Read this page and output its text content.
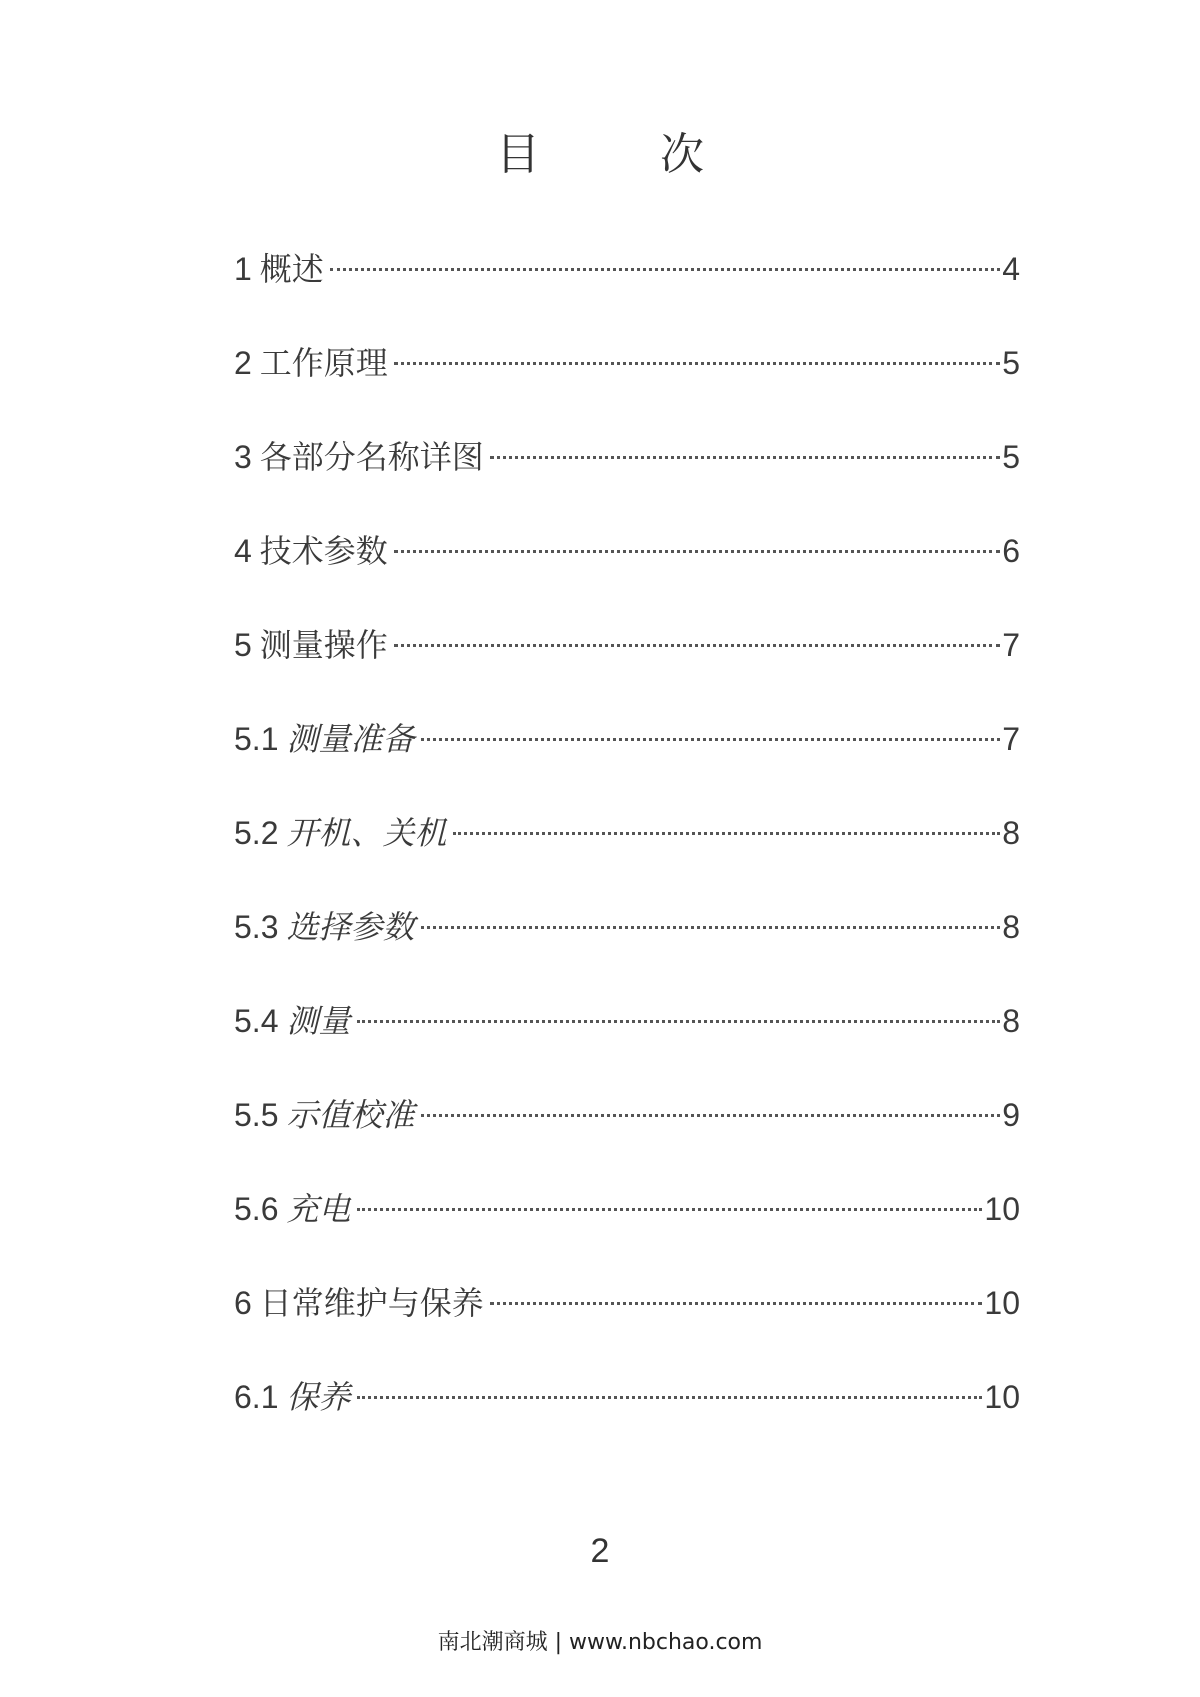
目　次
1 概述	4
2 工作原理	5
3 各部分名称详图	5
4 技术参数	6
5 测量操作	7
5.1 测量准备	7
5.2 开机、关机	8
5.3 选择参数	8
5.4 测量	8
5.5 示值校准	9
5.6 充电	10
6 日常维护与保养	10
6.1 保养	10
2
南北潮商城 | www.nbchao.com
